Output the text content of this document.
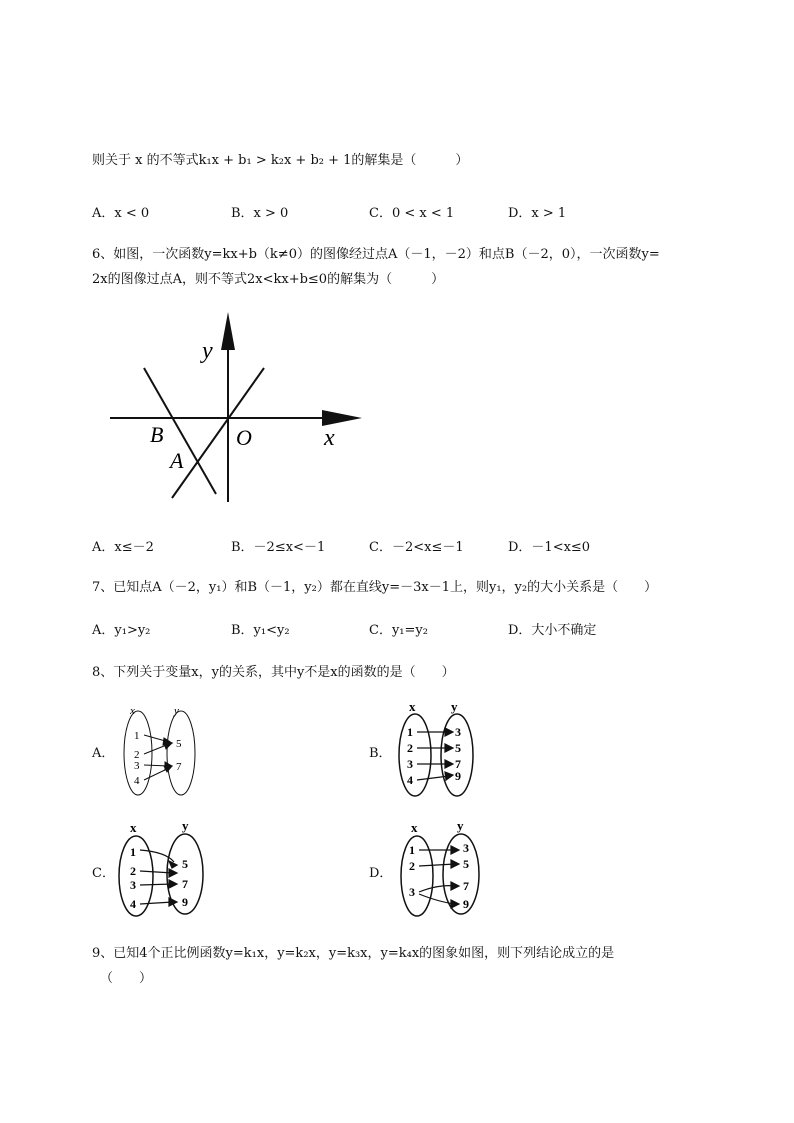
则关于 x 的不等式k₁x + b₁ > k₂x + b₂ + 1的解集是（　　　）
A．x < 0	B．x > 0	C．0 < x < 1	D．x > 1
6、如图，一次函数y=kx+b（k≠0）的图像经过点A（－1，－2）和点B（－2，0），一次函数y=
2x的图像过点A，则不等式2x<kx+b≤0的解集为（　　　）
y
x
O
B
A
A．x≤－2	B．－2≤x<－1	C．－2<x≤－1	D．－1<x≤0
7、已知点A（－2，y₁）和B（－1，y₂）都在直线y=－3x－1上，则y₁，y₂的大小关系是（　　）
A．y₁>y₂	B．y₁<y₂	C．y₁=y₂	D．大小不确定
8、下列关于变量x，y的关系，其中y不是x的函数的是（　　）
A．
x	y
1
2
3
4
5
7
B．
x	y
1
2
3
4
3
5
7
9
C．
x	y
1
2
3
4
5
7
9
D．
x	y
1
2
3
3
5
7
9
9、已知4个正比例函数y=k₁x，y=k₂x，y=k₃x，y=k₄x的图象如图，则下列结论成立的是
（　　）
